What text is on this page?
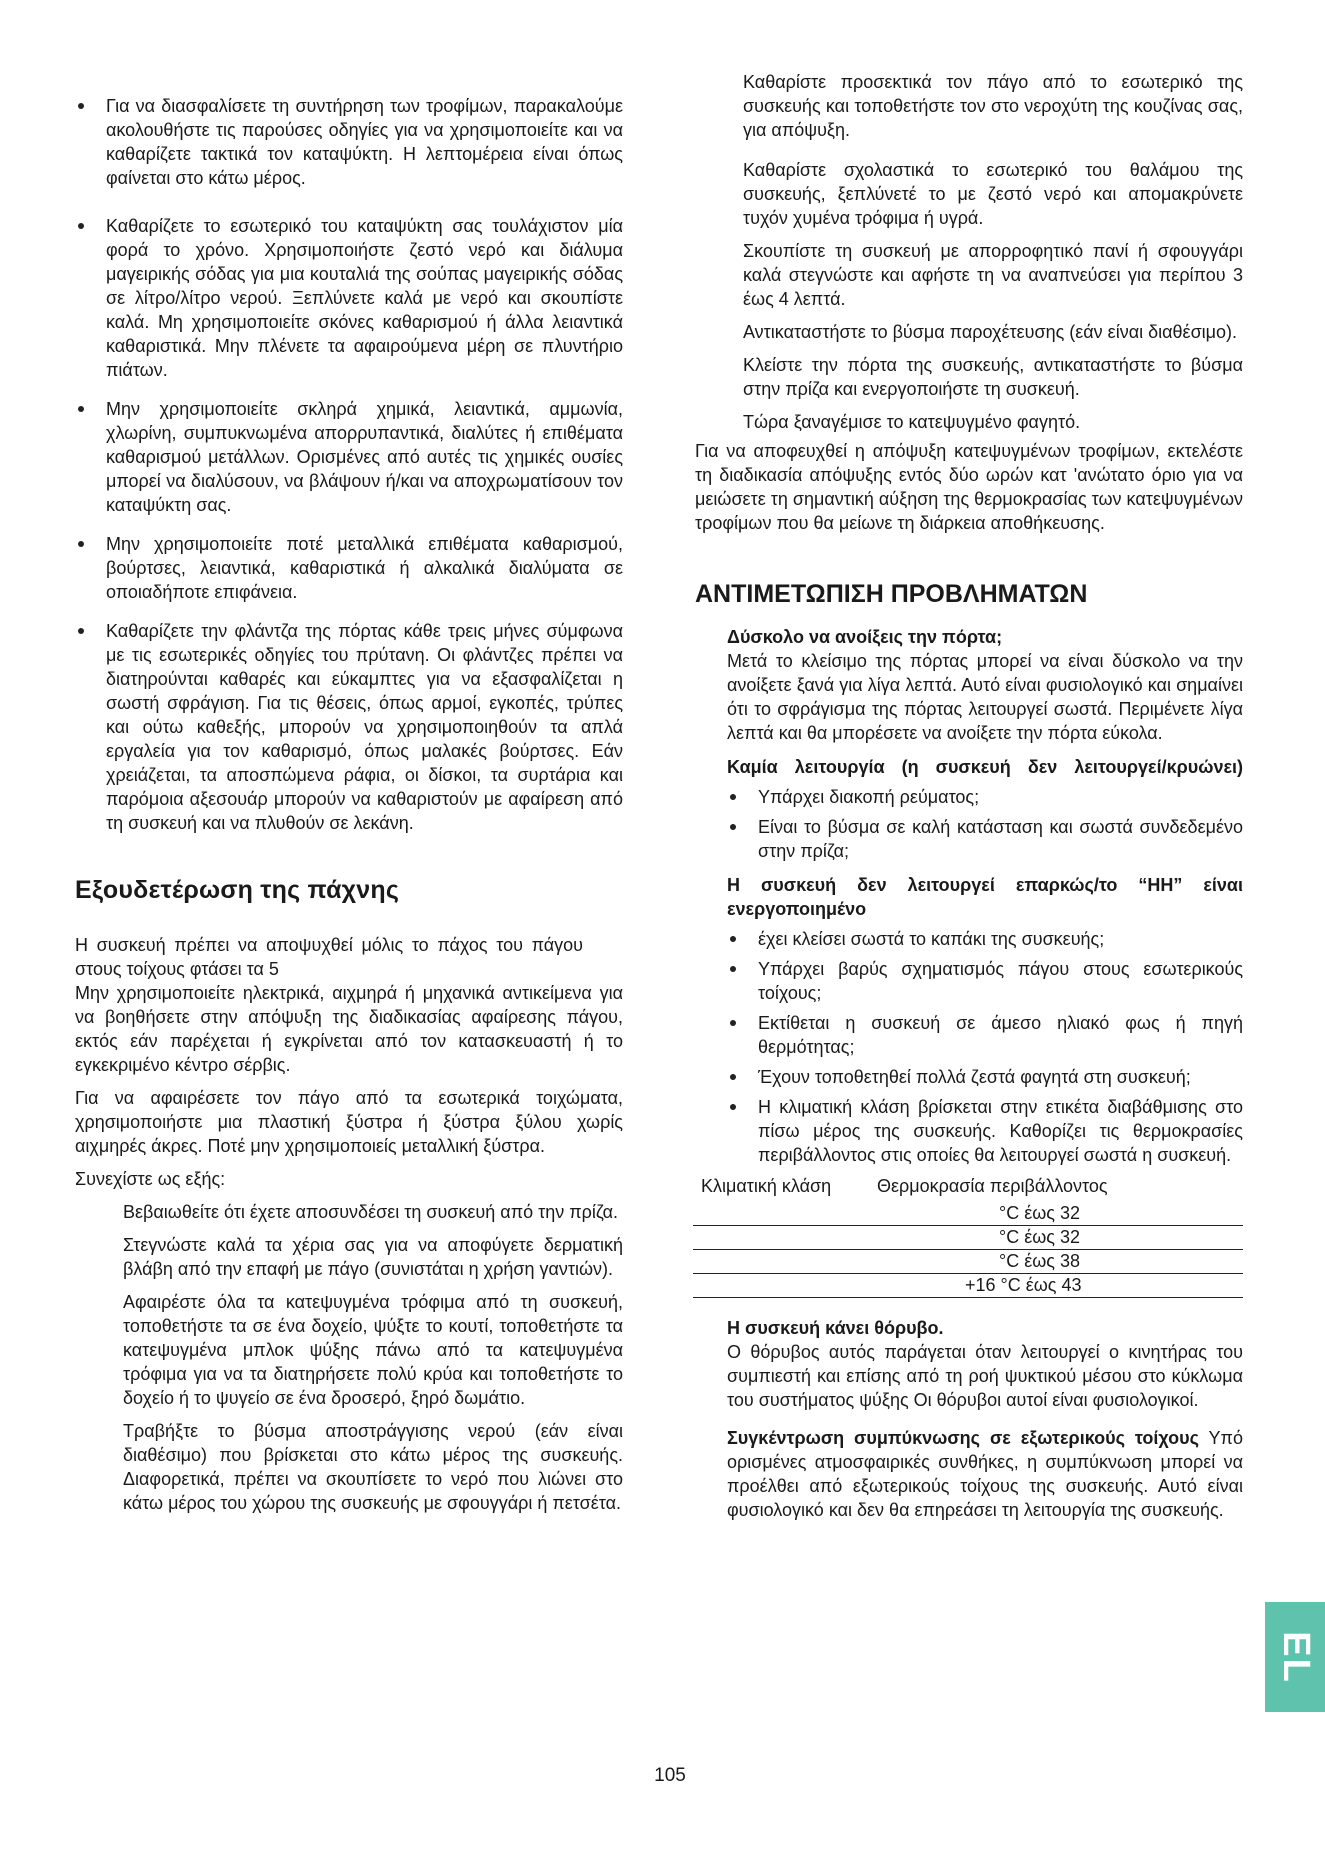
Για να διασφαλίσετε τη συντήρηση των τροφίμων, παρακαλούμε ακολουθήστε τις παρούσες οδηγίες για να χρησιμοποιείτε και να καθαρίζετε τακτικά τον καταψύκτη. Η λεπτομέρεια είναι όπως φαίνεται στο κάτω μέρος.
Καθαρίζετε το εσωτερικό του καταψύκτη σας τουλάχιστον μία φορά το χρόνο. Χρησιμοποιήστε ζεστό νερό και διάλυμα μαγειρικής σόδας για μια κουταλιά της σούπας μαγειρικής σόδας σε λίτρο/λίτρο νερού. Ξεπλύνετε καλά με νερό και σκουπίστε καλά. Μη χρησιμοποιείτε σκόνες καθαρισμού ή άλλα λειαντικά καθαριστικά. Μην πλένετε τα αφαιρούμενα μέρη σε πλυντήριο πιάτων.
Μην χρησιμοποιείτε σκληρά χημικά, λειαντικά, αμμωνία, χλωρίνη, συμπυκνωμένα απορρυπαντικά, διαλύτες ή επιθέματα καθαρισμού μετάλλων. Ορισμένες από αυτές τις χημικές ουσίες μπορεί να διαλύσουν, να βλάψουν ή/και να αποχρωματίσουν τον καταψύκτη σας.
Μην χρησιμοποιείτε ποτέ μεταλλικά επιθέματα καθαρισμού, βούρτσες, λειαντικά, καθαριστικά ή αλκαλικά διαλύματα σε οποιαδήποτε επιφάνεια.
Καθαρίζετε την φλάντζα της πόρτας κάθε τρεις μήνες σύμφωνα με τις εσωτερικές οδηγίες του πρύτανη. Οι φλάντζες πρέπει να διατηρούνται καθαρές και εύκαμπτες για να εξασφαλίζεται η σωστή σφράγιση. Για τις θέσεις, όπως αρμοί, εγκοπές, τρύπες και ούτω καθεξής, μπορούν να χρησιμοποιηθούν τα απλά εργαλεία για τον καθαρισμό, όπως μαλακές βούρτσες. Εάν χρειάζεται, τα αποσπώμενα ράφια, οι δίσκοι, τα συρτάρια και παρόμοια αξεσουάρ μπορούν να καθαριστούν με αφαίρεση από τη συσκευή και να πλυθούν σε λεκάνη.
Εξουδετέρωση της πάχνης

Η συσκευή πρέπει να αποψυχθεί μόλις το πάχος του πάγου στους τοίχους φτάσει τα 5

Μην χρησιμοποιείτε ηλεκτρικά, αιχμηρά ή μηχανικά αντικείμενα για να βοηθήσετε στην απόψυξη της διαδικασίας αφαίρεσης πάγου, εκτός εάν παρέχεται ή εγκρίνεται από τον κατασκευαστή ή το εγκεκριμένο κέντρο σέρβις.

Για να αφαιρέσετε τον πάγο από τα εσωτερικά τοιχώματα, χρησιμοποιήστε μια πλαστική ξύστρα ή ξύστρα ξύλου χωρίς αιχμηρές άκρες. Ποτέ μην χρησιμοποιείς μεταλλική ξύστρα.

Συνεχίστε ως εξής:

Βεβαιωθείτε ότι έχετε αποσυνδέσει τη συσκευή από την πρίζα.

Στεγνώστε καλά τα χέρια σας για να αποφύγετε δερματική βλάβη από την επαφή με πάγο (συνιστάται η χρήση γαντιών).

Αφαιρέστε όλα τα κατεψυγμένα τρόφιμα από τη συσκευή, τοποθετήστε τα σε ένα δοχείο, ψύξτε το κουτί, τοποθετήστε τα κατεψυγμένα μπλοκ ψύξης πάνω από τα κατεψυγμένα τρόφιμα για να τα διατηρήσετε πολύ κρύα και τοποθετήστε το δοχείο ή το ψυγείο σε ένα δροσερό, ξηρό δωμάτιο.

Τραβήξτε το βύσμα αποστράγγισης νερού (εάν είναι διαθέσιμο) που βρίσκεται στο κάτω μέρος της συσκευής. Διαφορετικά, πρέπει να σκουπίσετε το νερό που λιώνει στο κάτω μέρος του χώρου της συσκευής με σφουγγάρι ή πετσέτα.

Καθαρίστε προσεκτικά τον πάγο από το εσωτερικό της συσκευής και τοποθετήστε τον στο νεροχύτη της κουζίνας σας, για απόψυξη.

Καθαρίστε σχολαστικά το εσωτερικό του θαλάμου της συσκευής, ξεπλύνετέ το με ζεστό νερό και απομακρύνετε τυχόν χυμένα τρόφιμα ή υγρά.

Σκουπίστε τη συσκευή με απορροφητικό πανί ή σφουγγάρι καλά στεγνώστε και αφήστε τη να αναπνεύσει για περίπου 3 έως 4 λεπτά.

Αντικαταστήστε το βύσμα παροχέτευσης (εάν είναι διαθέσιμο).

Κλείστε την πόρτα της συσκευής, αντικαταστήστε το βύσμα στην πρίζα και ενεργοποιήστε τη συσκευή.

Τώρα ξαναγέμισε το κατεψυγμένο φαγητό.

Για να αποφευχθεί η απόψυξη κατεψυγμένων τροφίμων, εκτελέστε τη διαδικασία απόψυξης εντός δύο ωρών κατ 'ανώτατο όριο για να μειώσετε τη σημαντική αύξηση της θερμοκρασίας των κατεψυγμένων τροφίμων που θα μείωνε τη διάρκεια αποθήκευσης.

ΑΝΤΙΜΕΤΩΠΙΣΗ ΠΡΟΒΛΗΜΑΤΩΝ
Δύσκολο να ανοίξεις την πόρτα;

Μετά το κλείσιμο της πόρτας μπορεί να είναι δύσκολο να την ανοίξετε ξανά για λίγα λεπτά. Αυτό είναι φυσιολογικό και σημαίνει ότι το σφράγισμα της πόρτας λειτουργεί σωστά. Περιμένετε λίγα λεπτά και θα μπορέσετε να ανοίξετε την πόρτα εύκολα.

Καμία λειτουργία (η συσκευή δεν λειτουργεί/κρυώνει)
Υπάρχει διακοπή ρεύματος;
Είναι το βύσμα σε καλή κατάσταση και σωστά συνδεδεμένο στην πρίζα;
Η συσκευή δεν λειτουργεί επαρκώς/το “HH” είναι ενεργοποιημένο
έχει κλείσει σωστά το καπάκι της συσκευής;
Υπάρχει βαρύς σχηματισμός πάγου στους εσωτερικούς τοίχους;
Εκτίθεται η συσκευή σε άμεσο ηλιακό φως ή πηγή θερμότητας;
Έχουν τοποθετηθεί πολλά ζεστά φαγητά στη συσκευή;
Η κλιματική κλάση βρίσκεται στην ετικέτα διαβάθμισης στο πίσω μέρος της συσκευής. Καθορίζει τις θερμοκρασίες περιβάλλοντος στις οποίες θα λειτουργεί σωστά η συσκευή.
Κλιματική κλάση	Θερμοκρασία περιβάλλοντος
	°C έως 32
	°C έως 32
	°C έως 38
	+16 °C έως 43
Η συσκευή κάνει θόρυβο.

Ο θόρυβος αυτός παράγεται όταν λειτουργεί ο κινητήρας του συμπιεστή και επίσης από τη ροή ψυκτικού μέσου στο κύκλωμα του συστήματος ψύξης Οι θόρυβοι αυτοί είναι φυσιολογικοί.

Συγκέντρωση συμπύκνωσης σε εξωτερικούς τοίχους Υπό ορισμένες ατμοσφαιρικές συνθήκες, η συμπύκνωση μπορεί να προέλθει από εξωτερικούς τοίχους της συσκευής. Αυτό είναι φυσιολογικό και δεν θα επηρεάσει τη λειτουργία της συσκευής.

105
EL
